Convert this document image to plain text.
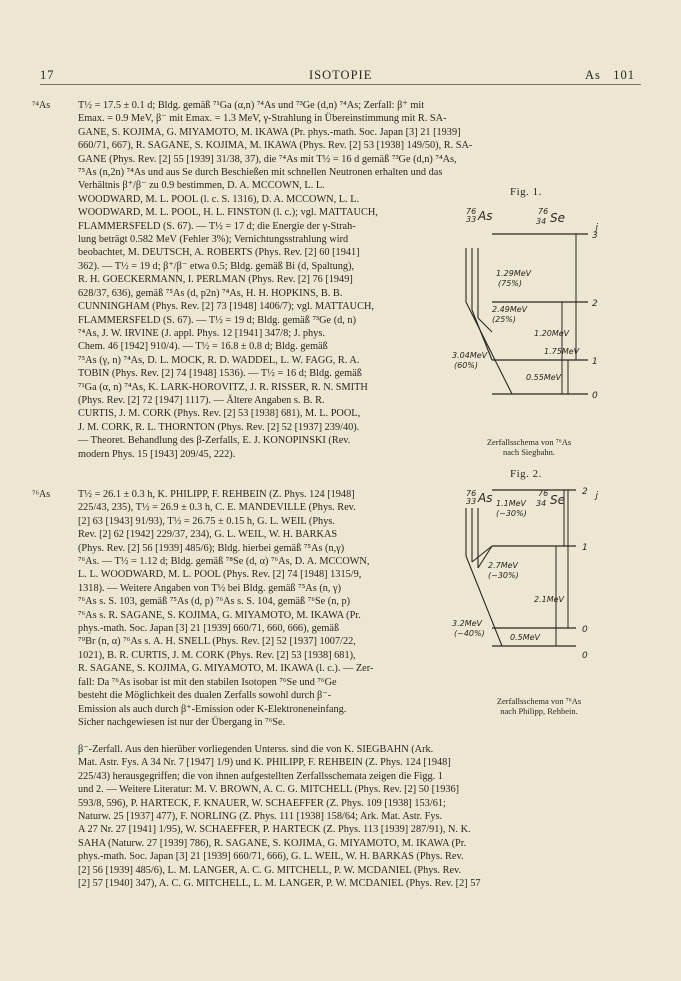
17	ISOTOPIE	As 101
⁷⁴As	T½ = 17.5 ± 0.1 d; Bldg. gemäß ⁷¹Ga (α,n) ⁷⁴As und ⁷³Ge (d,n) ⁷⁴As; Zerfall: β⁺ mit
Emax. = 0.9 MeV, β⁻ mit Emax. = 1.3 MeV, γ-Strahlung in Übereinstimmung mit R. SA-
GANE, S. KOJIMA, G. MIYAMOTO, M. IKAWA (Pr. phys.-math. Soc. Japan [3] 21 [1939]
660/71, 667), R. SAGANE, S. KOJIMA, M. IKAWA (Phys. Rev. [2] 53 [1938] 149/50), R. SA-
GANE (Phys. Rev. [2] 55 [1939] 31/38, 37), die ⁷⁴As mit T½ = 16 d gemäß ⁷³Ge (d,n) ⁷⁴As,
⁷⁵As (n,2n) ⁷⁴As und aus Se durch Beschießen mit schnellen Neutronen erhalten und das
Verhältnis β⁺/β⁻ zu 0.9 bestimmen, D. A. MCCOWN, L. L.
WOODWARD, M. L. POOL (l. c. S. 1316), D. A. MCCOWN, L. L.
WOODWARD, M. L. POOL, H. L. FINSTON (l. c.); vgl. MATTAUCH,
FLAMMERSFELD (S. 67). — T½ = 17 d; die Energie der γ-Strah-
lung beträgt 0.582 MeV (Fehler 3%); Vernichtungsstrahlung wird
beobachtet, M. DEUTSCH, A. ROBERTS (Phys. Rev. [2] 60 [1941]
362). — T½ = 19 d; β⁺/β⁻ etwa 0.5; Bldg. gemäß Bi (d, Spaltung),
R. H. GOECKERMANN, I. PERLMAN (Phys. Rev. [2] 76 [1949]
628/37, 636), gemäß ⁷⁵As (d, p2n) ⁷⁴As, H. H. HOPKINS, B. B.
CUNNINGHAM (Phys. Rev. [2] 73 [1948] 1406/7); vgl. MATTAUCH,
FLAMMERSFELD (S. 67). — T½ = 19 d; Bldg. gemäß ⁷³Ge (d, n)
⁷⁴As, J. W. IRVINE (J. appl. Phys. 12 [1941] 347/8; J. phys.
Chem. 46 [1942] 910/4). — T½ = 16.8 ± 0.8 d; Bldg. gemäß
⁷⁵As (γ, n) ⁷⁴As, D. L. MOCK, R. D. WADDEL, L. W. FAGG, R. A.
TOBIN (Phys. Rev. [2] 74 [1948] 1536). — T½ = 16 d; Bldg. gemäß
⁷¹Ga (α, n) ⁷⁴As, K. LARK-HOROVITZ, J. R. RISSER, R. N. SMITH
(Phys. Rev. [2] 72 [1947] 1117). — Ältere Angaben s. B. R.
CURTIS, J. M. CORK (Phys. Rev. [2] 53 [1938] 681), M. L. POOL,
J. M. CORK, R. L. THORNTON (Phys. Rev. [2] 52 [1937] 239/40).
— Theoret. Behandlung des β-Zerfalls, E. J. KONOPINSKI (Rev.
modern Phys. 15 [1943] 209/45, 222).
⁷⁶As	T½ = 26.1 ± 0.3 h, K. PHILIPP, F. REHBEIN (Z. Phys. 124 [1948]
225/43, 235), T½ = 26.9 ± 0.3 h, C. E. MANDEVILLE (Phys. Rev.
[2] 63 [1943] 91/93), T½ = 26.75 ± 0.15 h, G. L. WEIL (Phys.
Rev. [2] 62 [1942] 229/37, 234), G. L. WEIL, W. H. BARKAS
(Phys. Rev. [2] 56 [1939] 485/6); Bldg. hierbei gemäß ⁷⁵As (n,γ)
⁷⁶As. — T½ = 1.12 d; Bldg. gemäß ⁷⁸Se (d, α) ⁷⁶As, D. A. MCCOWN,
L. L. WOODWARD, M. L. POOL (Phys. Rev. [2] 74 [1948] 1315/9,
1318). — Weitere Angaben von T½ bei Bldg. gemäß ⁷⁵As (n, γ)
⁷⁶As s. S. 103, gemäß ⁷⁵As (d, p) ⁷⁶As s. S. 104, gemäß ⁷⁶Se (n, p)
⁷⁶As s. R. SAGANE, S. KOJIMA, G. MIYAMOTO, M. IKAWA (Pr.
phys.-math. Soc. Japan [3] 21 [1939] 660/71, 660, 666), gemäß
⁷⁹Br (n, α) ⁷⁶As s. A. H. SNELL (Phys. Rev. [2] 52 [1937] 1007/22,
1021), B. R. CURTIS, J. M. CORK (Phys. Rev. [2] 53 [1938] 681),
R. SAGANE, S. KOJIMA, G. MIYAMOTO, M. IKAWA (l. c.). — Zer-
fall: Da ⁷⁶As isobar ist mit den stabilen Isotopen ⁷⁶Se und ⁷⁶Ge
besteht die Möglichkeit des dualen Zerfalls sowohl durch β⁻-
Emission als auch durch β⁺-Emission oder K-Elektroneneinfang.
Sicher nachgewiesen ist nur der Übergang in ⁷⁶Se.
β⁻-Zerfall. Aus den hierüber vorliegenden Unterss. sind die von K. SIEGBAHN (Ark.
Mat. Astr. Fys. A 34 Nr. 7 [1947] 1/9) und K. PHILIPP, F. REHBEIN (Z. Phys. 124 [1948]
225/43) herausgegriffen; die von ihnen aufgestellten Zerfallsschemata zeigen die Figg. 1
und 2. — Weitere Literatur: M. V. BROWN, A. C. G. MITCHELL (Phys. Rev. [2] 50 [1936]
593/8, 596), P. HARTECK, F. KNAUER, W. SCHAEFFER (Z. Phys. 109 [1938] 153/61;
Naturw. 25 [1937] 477), F. NORLING (Z. Phys. 111 [1938] 158/64; Ark. Mat. Astr. Fys.
A 27 Nr. 27 [1941] 1/95), W. SCHAEFFER, P. HARTECK (Z. Phys. 113 [1939] 287/91), N. K.
SAHA (Naturw. 27 [1939] 786), R. SAGANE, S. KOJIMA, G. MIYAMOTO, M. IKAWA (Pr.
phys.-math. Soc. Japan [3] 21 [1939] 660/71, 666), G. L. WEIL, W. H. BARKAS (Phys. Rev.
[2] 56 [1939] 485/6), L. M. LANGER, A. C. G. MITCHELL, P. W. MCDANIEL (Phys. Rev.
[2] 57 [1940] 347), A. C. G. MITCHELL, L. M. LANGER, P. W. MCDANIEL (Phys. Rev. [2] 57
Fig. 1.
76
33 As	76
34 Se
j
3
2
1
0
1.29MeV
(75%)
2.49MeV
(25%)
1.20MeV
1.75MeV
3.04MeV
(60%)
0.55MeV
Zerfallsschema von ⁷⁶As
nach Siegbahn.
Fig. 2.
76
33 As	76
34 Se	j
2
1
0
0
1.1MeV
(~30%)
2.7MeV
(~30%)
2.1MeV
3.2MeV
(~40%)	0.5MeV
Zerfallsschema von ⁷⁶As
nach Philipp, Rehbein.
